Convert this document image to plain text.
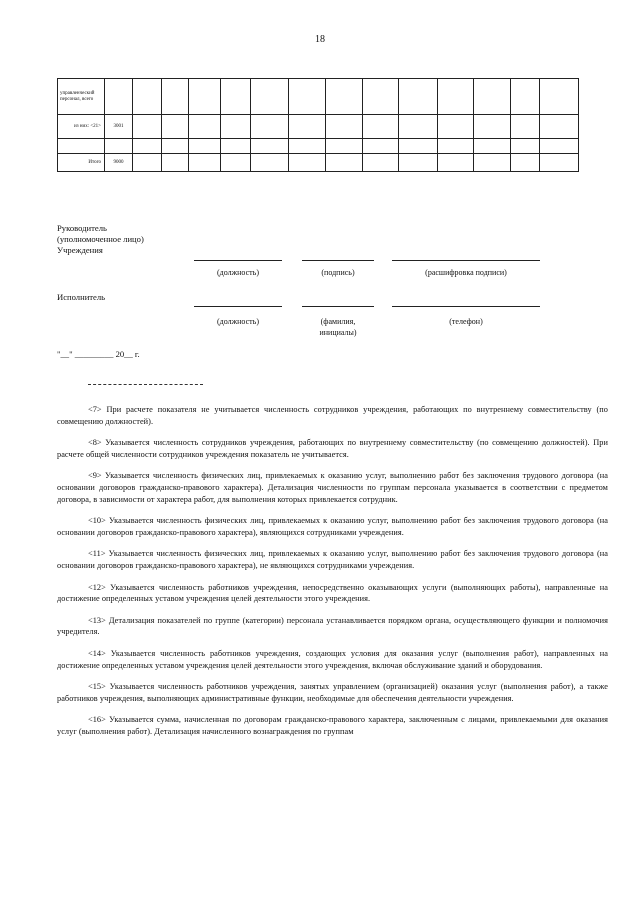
18
управленческий персонал, всего														
из них: <21>	3001													

Итого	9000													
Руководитель
(уполномоченное лицо)
Учреждения
(должность)	(подпись)	(расшифровка подписи)
Исполнитель
(должность)	(фамилия, инициалы)
(телефон)
"__" _________ 20__ г.

<7> При расчете показателя не учитывается численность сотрудников учреждения, работающих по внутреннему совместительству (по совмещению должностей).

<8> Указывается численность сотрудников учреждения, работающих по внутреннему совместительству (по совмещению должностей). При расчете общей численности сотрудников учреждения показатель не учитывается.

<9> Указывается численность физических лиц, привлекаемых к оказанию услуг, выполнению работ без заключения трудового договора (на основании договоров гражданско-правового характера). Детализация численности по группам персонала указывается в соответствии с предметом договора, в зависимости от характера работ, для выполнения которых привлекается сотрудник.

<10> Указывается численность физических лиц, привлекаемых к оказанию услуг, выполнению работ без заключения трудового договора (на основании договоров гражданско-правового характера), являющихся сотрудниками учреждения.

<11> Указывается численность физических лиц, привлекаемых к оказанию услуг, выполнению работ без заключения трудового договора (на основании договоров гражданско-правового характера), не являющихся сотрудниками учреждения.

<12> Указывается численность работников учреждения, непосредственно оказывающих услуги (выполняющих работы), направленные на достижение определенных уставом учреждения целей деятельности этого учреждения.

<13> Детализация показателей по группе (категории) персонала устанавливается порядком органа, осуществляющего функции и полномочия учредителя.

<14> Указывается численность работников учреждения, создающих условия для оказания услуг (выполнения работ), направленных на достижение определенных уставом учреждения целей деятельности этого учреждения, включая обслуживание зданий и оборудования.

<15> Указывается численность работников учреждения, занятых управлением (организацией) оказания услуг (выполнения работ), а также работников учреждения, выполняющих административные функции, необходимые для обеспечения деятельности учреждения.

<16> Указывается сумма, начисленная по договорам гражданско-правового характера, заключенным с лицами, привлекаемыми для оказания услуг (выполнения работ). Детализация начисленного вознаграждения по группам
